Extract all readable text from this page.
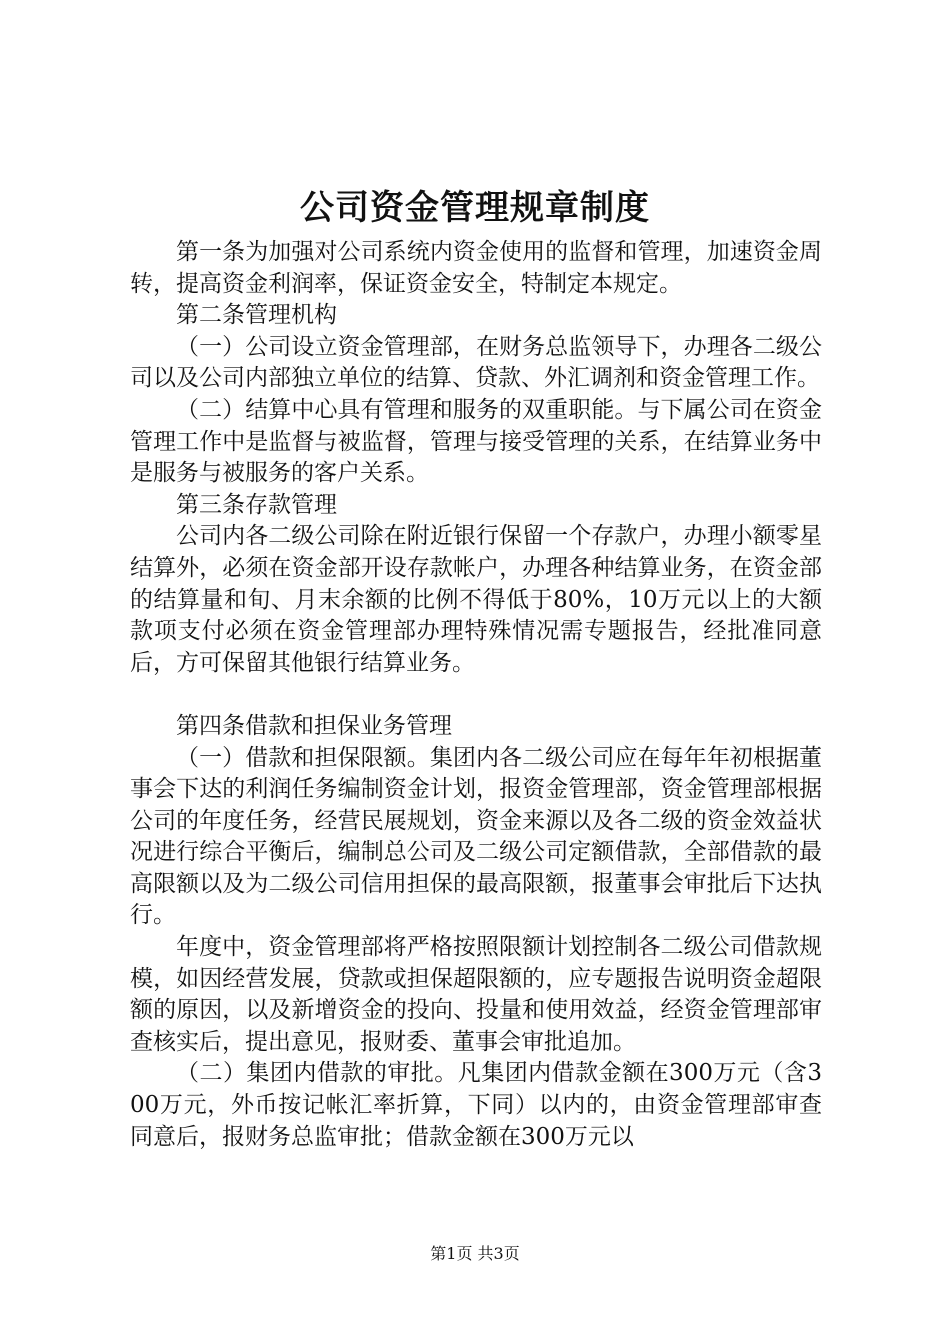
公司资金管理规章制度

第一条为加强对公司系统内资金使用的监督和管理，加速资金周转，提高资金利润率，保证资金安全，特制定本规定。

第二条管理机构

（一）公司设立资金管理部，在财务总监领导下，办理各二级公司以及公司内部独立单位的结算、贷款、外汇调剂和资金管理工作。

（二）结算中心具有管理和服务的双重职能。与下属公司在资金管理工作中是监督与被监督，管理与接受管理的关系，在结算业务中是服务与被服务的客户关系。

第三条存款管理

公司内各二级公司除在附近银行保留一个存款户，办理小额零星结算外，必须在资金部开设存款帐户，办理各种结算业务，在资金部的结算量和旬、月末余额的比例不得低于80%，10万元以上的大额款项支付必须在资金管理部办理特殊情况需专题报告，经批准同意后，方可保留其他银行结算业务。

第四条借款和担保业务管理

（一）借款和担保限额。集团内各二级公司应在每年年初根据董事会下达的利润任务编制资金计划，报资金管理部，资金管理部根据公司的年度任务，经营民展规划，资金来源以及各二级的资金效益状况进行综合平衡后，编制总公司及二级公司定额借款，全部借款的最高限额以及为二级公司信用担保的最高限额，报董事会审批后下达执行。

年度中，资金管理部将严格按照限额计划控制各二级公司借款规模，如因经营发展，贷款或担保超限额的，应专题报告说明资金超限额的原因，以及新增资金的投向、投量和使用效益，经资金管理部审查核实后，提出意见，报财委、董事会审批追加。

（二）集团内借款的审批。凡集团内借款金额在300万元（含300万元，外币按记帐汇率折算，下同）以内的，由资金管理部审查同意后，报财务总监审批；借款金额在300万元以

第1页 共3页
